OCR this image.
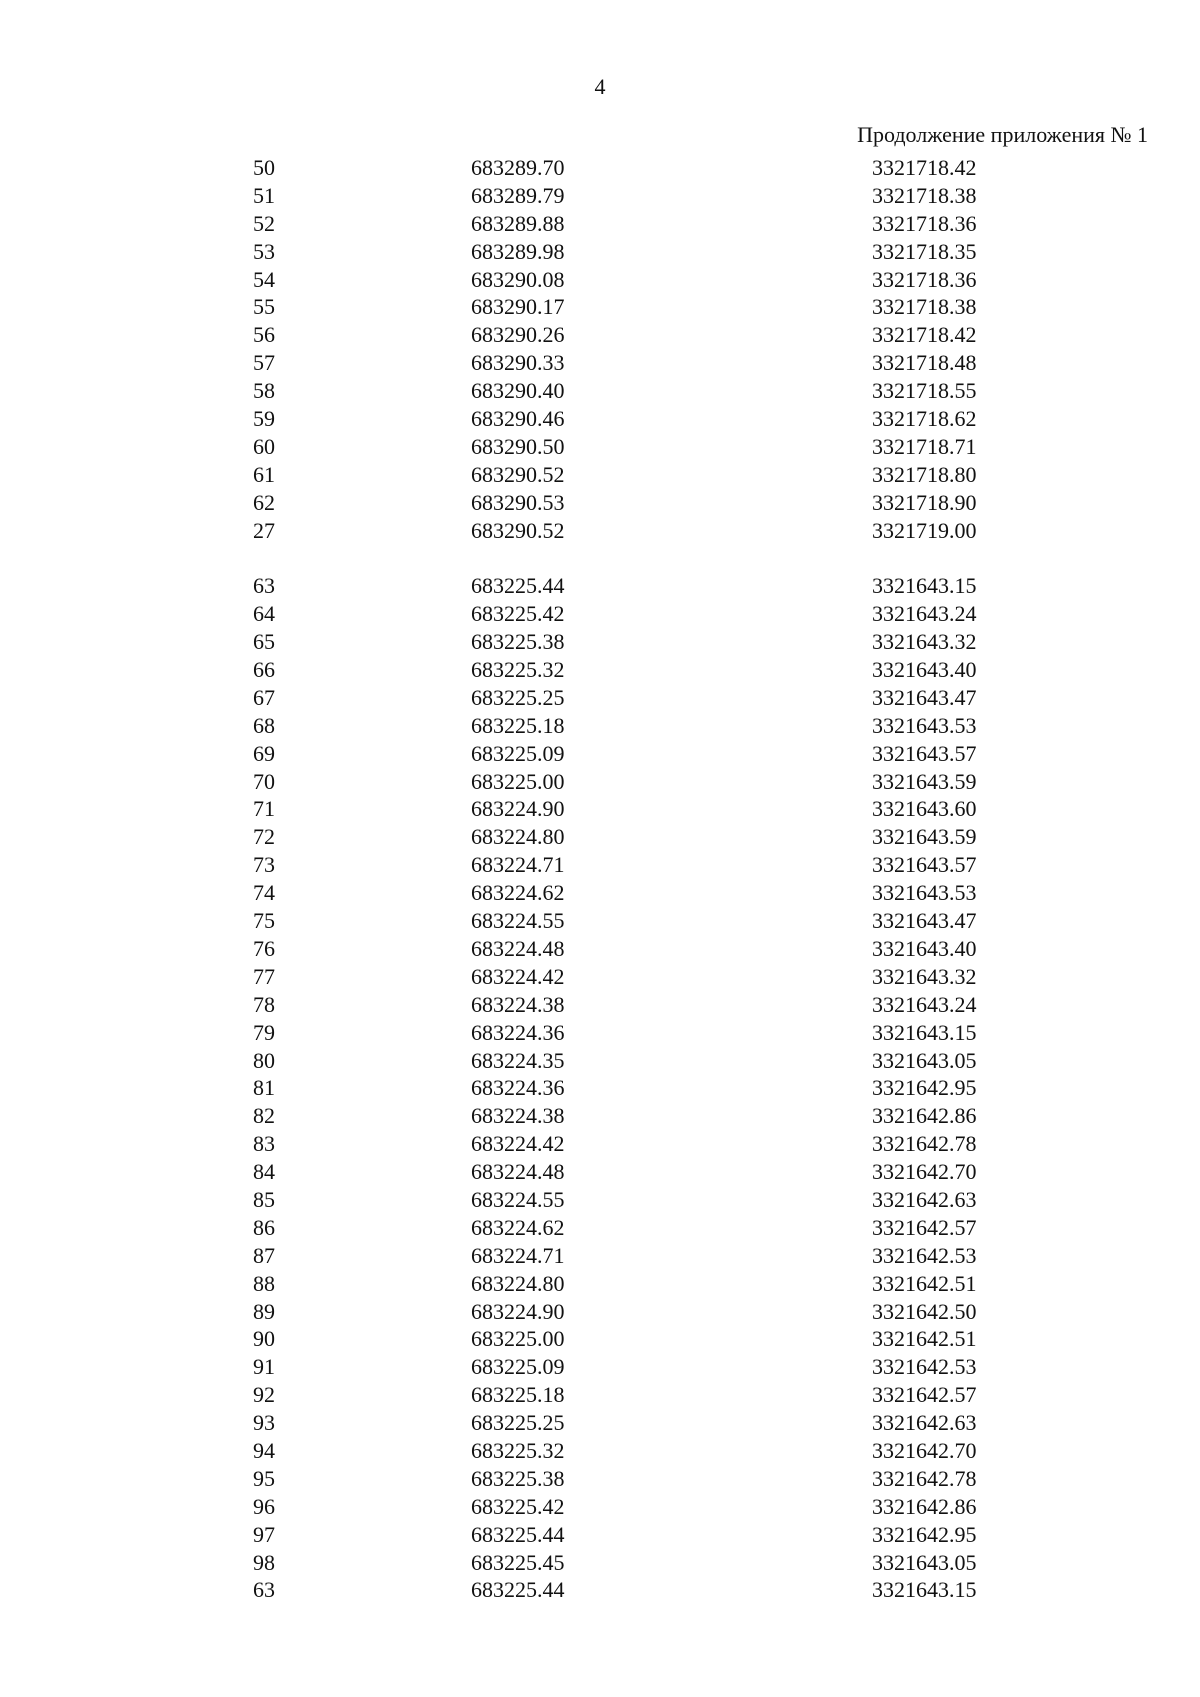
4
Продолжение приложения № 1
50	683289.70	3321718.42
51	683289.79	3321718.38
52	683289.88	3321718.36
53	683289.98	3321718.35
54	683290.08	3321718.36
55	683290.17	3321718.38
56	683290.26	3321718.42
57	683290.33	3321718.48
58	683290.40	3321718.55
59	683290.46	3321718.62
60	683290.50	3321718.71
61	683290.52	3321718.80
62	683290.53	3321718.90
27	683290.52	3321719.00
63	683225.44	3321643.15
64	683225.42	3321643.24
65	683225.38	3321643.32
66	683225.32	3321643.40
67	683225.25	3321643.47
68	683225.18	3321643.53
69	683225.09	3321643.57
70	683225.00	3321643.59
71	683224.90	3321643.60
72	683224.80	3321643.59
73	683224.71	3321643.57
74	683224.62	3321643.53
75	683224.55	3321643.47
76	683224.48	3321643.40
77	683224.42	3321643.32
78	683224.38	3321643.24
79	683224.36	3321643.15
80	683224.35	3321643.05
81	683224.36	3321642.95
82	683224.38	3321642.86
83	683224.42	3321642.78
84	683224.48	3321642.70
85	683224.55	3321642.63
86	683224.62	3321642.57
87	683224.71	3321642.53
88	683224.80	3321642.51
89	683224.90	3321642.50
90	683225.00	3321642.51
91	683225.09	3321642.53
92	683225.18	3321642.57
93	683225.25	3321642.63
94	683225.32	3321642.70
95	683225.38	3321642.78
96	683225.42	3321642.86
97	683225.44	3321642.95
98	683225.45	3321643.05
63	683225.44	3321643.15
